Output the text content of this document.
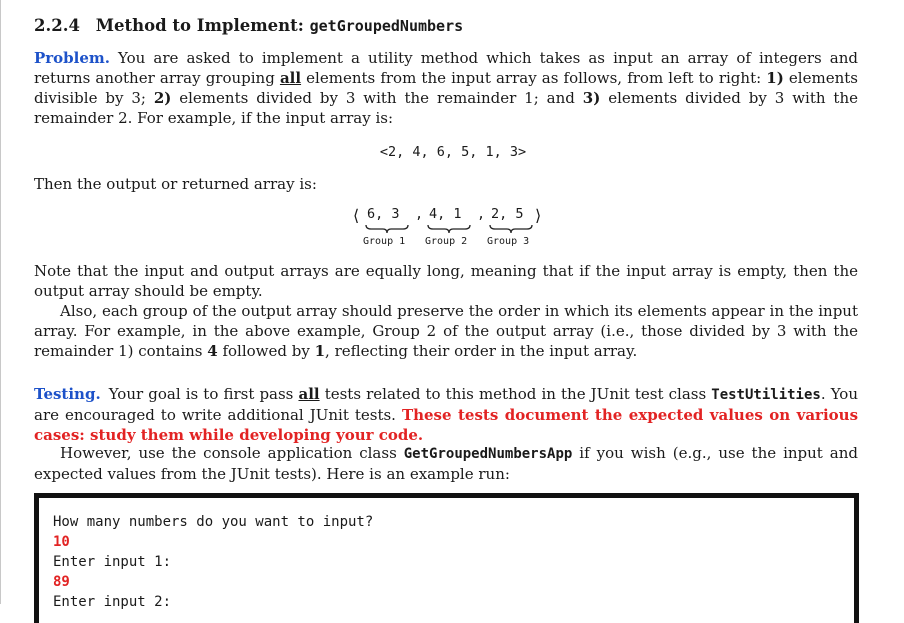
2.2.4 Method to Implement: getGroupedNumbers

Problem. You are asked to implement a utility method which takes as input an array of integers and returns another array grouping all elements from the input array as follows, from left to right: 1) elements divisible by 3; 2) elements divided by 3 with the remainder 1; and 3) elements divided by 3 with the remainder 2. For example, if the input array is:

<2, 4, 6, 5, 1, 3>

Then the output or returned array is:

⟨ 6, 3 , 4, 1 , 2, 5 ⟩
Group 1 Group 2 Group 3

Note that the input and output arrays are equally long, meaning that if the input array is empty, then the output array should be empty.

Also, each group of the output array should preserve the order in which its elements appear in the input array. For example, in the above example, Group 2 of the output array (i.e., those divided by 3 with the remainder 1) contains 4 followed by 1, reflecting their order in the input array.

Testing. Your goal is to first pass all tests related to this method in the JUnit test class TestUtilities. You are encouraged to write additional JUnit tests. These tests document the expected values on various cases: study them while developing your code.

However, use the console application class GetGroupedNumbersApp if you wish (e.g., use the input and expected values from the JUnit tests). Here is an example run:

How many numbers do you want to input?
10
Enter input 1:
89
Enter input 2:
